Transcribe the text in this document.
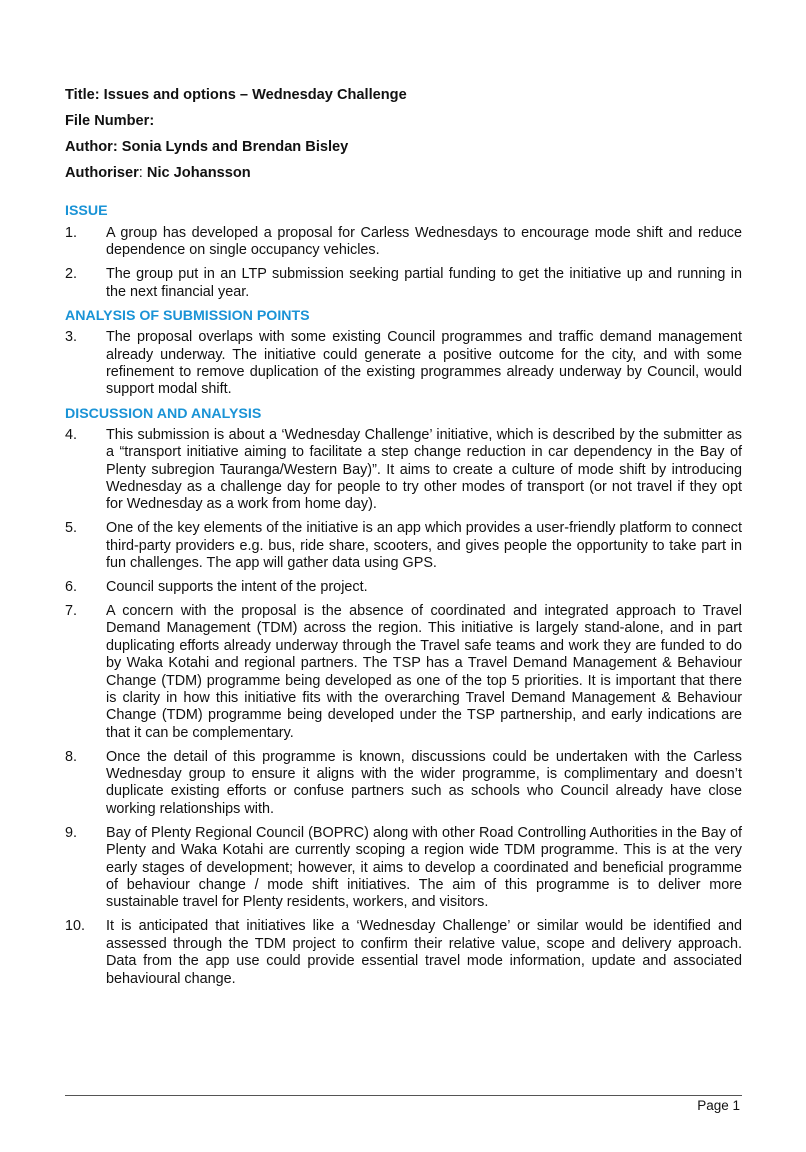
Title: Issues and options – Wednesday Challenge

File Number:

Author: Sonia Lynds and Brendan Bisley

Authoriser: Nic Johansson

ISSUE
1.	A group has developed a proposal for Carless Wednesdays to encourage mode shift and reduce dependence on single occupancy vehicles.
2.	The group put in an LTP submission seeking partial funding to get the initiative up and running in the next financial year.
ANALYSIS OF SUBMISSION POINTS
3.	The proposal overlaps with some existing Council programmes and traffic demand management already underway. The initiative could generate a positive outcome for the city, and with some refinement to remove duplication of the existing programmes already underway by Council, would support modal shift.
DISCUSSION AND ANALYSIS
4.	This submission is about a ‘Wednesday Challenge’ initiative, which is described by the submitter as a “transport initiative aiming to facilitate a step change reduction in car dependency in the Bay of Plenty subregion Tauranga/Western Bay)”. It aims to create a culture of mode shift by introducing Wednesday as a challenge day for people to try other modes of transport (or not travel if they opt for Wednesday as a work from home day).
5.	One of the key elements of the initiative is an app which provides a user-friendly platform to connect third-party providers e.g. bus, ride share, scooters, and gives people the opportunity to take part in fun challenges. The app will gather data using GPS.
6.	Council supports the intent of the project.
7.	A concern with the proposal is the absence of coordinated and integrated approach to Travel Demand Management (TDM) across the region. This initiative is largely stand-alone, and in part duplicating efforts already underway through the Travel safe teams and work they are funded to do by Waka Kotahi and regional partners. The TSP has a Travel Demand Management & Behaviour Change (TDM) programme being developed as one of the top 5 priorities. It is important that there is clarity in how this initiative fits with the overarching Travel Demand Management & Behaviour Change (TDM) programme being developed under the TSP partnership, and early indications are that it can be complementary.
8.	Once the detail of this programme is known, discussions could be undertaken with the Carless Wednesday group to ensure it aligns with the wider programme, is complimentary and doesn’t duplicate existing efforts or confuse partners such as schools who Council already have close working relationships with.
9.	Bay of Plenty Regional Council (BOPRC) along with other Road Controlling Authorities in the Bay of Plenty and Waka Kotahi are currently scoping a region wide TDM programme. This is at the very early stages of development; however, it aims to develop a coordinated and beneficial programme of behaviour change / mode shift initiatives. The aim of this programme is to deliver more sustainable travel for Plenty residents, workers, and visitors.
10.	It is anticipated that initiatives like a ‘Wednesday Challenge’ or similar would be identified and assessed through the TDM project to confirm their relative value, scope and delivery approach. Data from the app use could provide essential travel mode information, update and associated behavioural change.
Page 1
